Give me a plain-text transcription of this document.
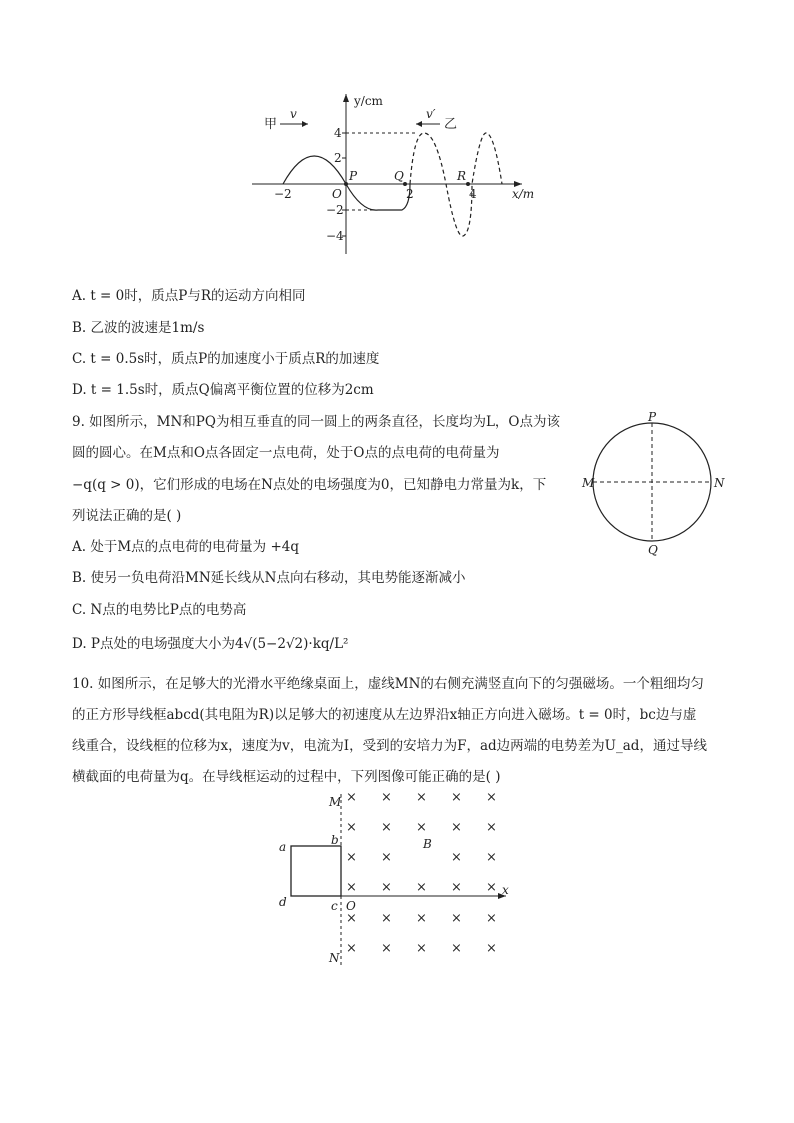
y/cm
x/m
4
2
−2
−4
−2	2	4
O
P	Q	R
甲
v	v′
乙
A. t = 0时，质点P与R的运动方向相同
B. 乙波的波速是1m/s
C. t = 0.5s时，质点P的加速度小于质点R的加速度
D. t = 1.5s时，质点Q偏离平衡位置的位移为2cm
9. 如图所示，MN和PQ为相互垂直的同一圆上的两条直径，长度均为L，O点为该
圆的圆心。在M点和O点各固定一点电荷，处于O点的点电荷的电荷量为
−q(q > 0)，它们形成的电场在N点处的电场强度为0，已知静电力常量为k，下
列说法正确的是( )
A. 处于M点的点电荷的电荷量为 +4q
B. 使另一负电荷沿MN延长线从N点向右移动，其电势能逐渐减小
C. N点的电势比P点的电势高
D. P点处的电场强度大小为4√(5−2√2)·kq/L²
P
Q
M	N
10. 如图所示，在足够大的光滑水平绝缘桌面上，虚线MN的右侧充满竖直向下的匀强磁场。一个粗细均匀
的正方形导线框abcd(其电阻为R)以足够大的初速度从左边界沿x轴正方向进入磁场。t = 0时，bc边与虚
线重合，设线框的位移为x，速度为v，电流为I，受到的安培力为F，ad边两端的电势差为U_ad，通过导线
横截面的电荷量为q。在导线框运动的过程中，下列图像可能正确的是( )
M
N
a	b
c
d	O
x
B
× × × × ×
× × × × ×
× ×	× ×
× × × × ×
× × × × ×
× × × × ×
